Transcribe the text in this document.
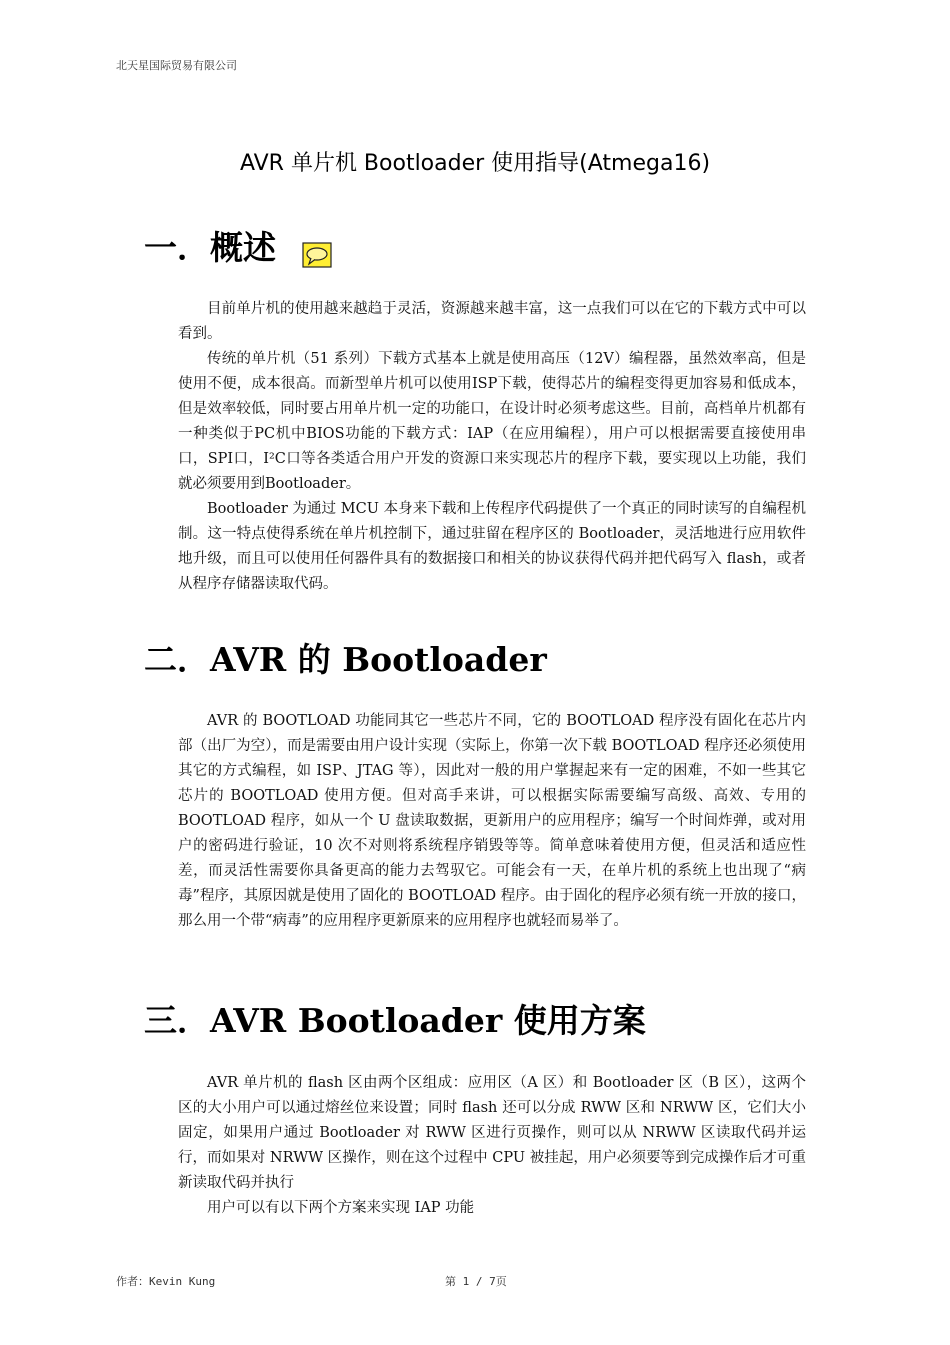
北天星国际贸易有限公司
AVR 单片机 Bootloader 使用指导(Atmega16)
一．概述

目前单片机的使用越来越趋于灵活，资源越来越丰富，这一点我们可以在它的下载方式中可以看到。

传统的单片机（51 系列）下载方式基本上就是使用高压（12V）编程器，虽然效率高，但是使用不便，成本很高。而新型单片机可以使用ISP下载，使得芯片的编程变得更加容易和低成本，但是效率较低，同时要占用单片机一定的功能口，在设计时必须考虑这些。目前，高档单片机都有一种类似于PC机中BIOS功能的下载方式：IAP（在应用编程），用户可以根据需要直接使用串口，SPI口，I²C口等各类适合用户开发的资源口来实现芯片的程序下载，要实现以上功能，我们就必须要用到Bootloader。

Bootloader 为通过 MCU 本身来下载和上传程序代码提供了一个真正的同时读写的自编程机制。这一特点使得系统在单片机控制下，通过驻留在程序区的 Bootloader，灵活地进行应用软件地升级，而且可以使用任何器件具有的数据接口和相关的协议获得代码并把代码写入 flash，或者从程序存储器读取代码。

二．AVR 的 Bootloader

AVR 的 BOOTLOAD 功能同其它一些芯片不同，它的 BOOTLOAD 程序没有固化在芯片内部（出厂为空），而是需要由用户设计实现（实际上，你第一次下载 BOOTLOAD 程序还必须使用其它的方式编程，如 ISP、JTAG 等），因此对一般的用户掌握起来有一定的困难，不如一些其它芯片的 BOOTLOAD 使用方便。但对高手来讲，可以根据实际需要编写高级、高效、专用的 BOOTLOAD 程序，如从一个 U 盘读取数据，更新用户的应用程序；编写一个时间炸弹，或对用户的密码进行验证，10 次不对则将系统程序销毁等等。简单意味着使用方便，但灵活和适应性差，而灵活性需要你具备更高的能力去驾驭它。可能会有一天，在单片机的系统上也出现了“病毒”程序，其原因就是使用了固化的 BOOTLOAD 程序。由于固化的程序必须有统一开放的接口，那么用一个带“病毒”的应用程序更新原来的应用程序也就轻而易举了。

三．AVR Bootloader 使用方案

AVR 单片机的 flash 区由两个区组成：应用区（A 区）和 Bootloader 区（B 区），这两个区的大小用户可以通过熔丝位来设置；同时 flash 还可以分成 RWW 区和 NRWW 区，它们大小固定，如果用户通过 Bootloader 对 RWW 区进行页操作，则可以从 NRWW 区读取代码并运行，而如果对 NRWW 区操作，则在这个过程中 CPU 被挂起，用户必须要等到完成操作后才可重新读取代码并执行

用户可以有以下两个方案来实现 IAP 功能

作者：Kevin Kung	第 1 / 7页
